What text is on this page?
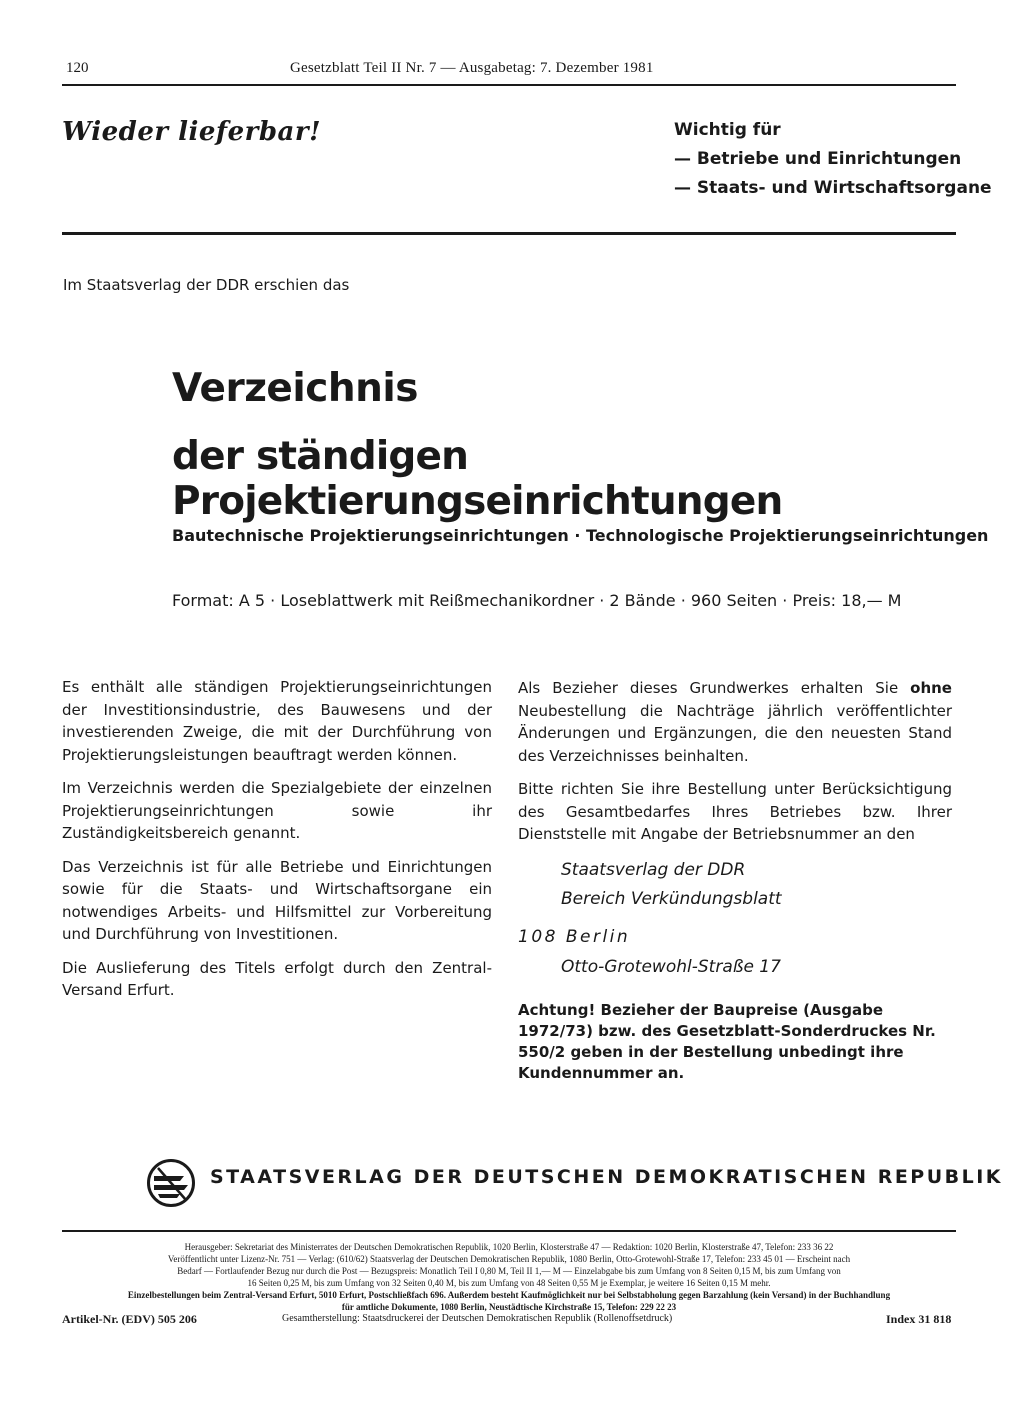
120	Gesetzblatt Teil II Nr. 7 — Ausgabetag: 7. Dezember 1981
Wieder lieferbar!	Wichtig für
— Betriebe und Einrichtungen
— Staats- und Wirtschaftsorgane
Im Staatsverlag der DDR erschien das
Verzeichnis
der ständigen Projektierungseinrichtungen
Bautechnische Projektierungseinrichtungen · Technologische Projektierungseinrichtungen
Format: A 5 · Loseblattwerk mit Reißmechanikordner · 2 Bände · 960 Seiten · Preis: 18,— M

Es enthält alle ständigen Projektierungseinrichtungen der Investitionsindustrie, des Bauwesens und der investierenden Zweige, die mit der Durchführung von Projektierungsleistungen beauftragt werden können.

Im Verzeichnis werden die Spezialgebiete der einzelnen Projektierungseinrichtungen sowie ihr Zuständigkeitsbereich genannt.

Das Verzeichnis ist für alle Betriebe und Einrichtungen sowie für die Staats- und Wirtschaftsorgane ein notwendiges Arbeits- und Hilfsmittel zur Vorbereitung und Durchführung von Investitionen.

Die Auslieferung des Titels erfolgt durch den Zentral-Versand Erfurt.

Als Bezieher dieses Grundwerkes erhalten Sie ohne Neubestellung die Nachträge jährlich veröffentlichter Änderungen und Ergänzungen, die den neuesten Stand des Verzeichnisses beinhalten.

Bitte richten Sie ihre Bestellung unter Berücksichtigung des Gesamtbedarfes Ihres Betriebes bzw. Ihrer Dienststelle mit Angabe der Betriebsnummer an den

Staatsverlag der DDR
Bereich Verkündungsblatt
108 Berlin
Otto-Grotewohl-Straße 17
Achtung! Bezieher der Baupreise (Ausgabe 1972/73) bzw. des Gesetzblatt-Sonderdruckes Nr. 550/2 geben in der Bestellung unbedingt ihre Kundennummer an.
STAATSVERLAG DER DEUTSCHEN DEMOKRATISCHEN REPUBLIK
Herausgeber: Sekretariat des Ministerrates der Deutschen Demokratischen Republik, 1020 Berlin, Klosterstraße 47 — Redaktion: 1020 Berlin, Klosterstraße 47, Telefon: 233 36 22
Veröffentlicht unter Lizenz-Nr. 751 — Verlag: (610/62) Staatsverlag der Deutschen Demokratischen Republik, 1080 Berlin, Otto-Grotewohl-Straße 17, Telefon: 233 45 01 — Erscheint nach
Bedarf — Fortlaufender Bezug nur durch die Post — Bezugspreis: Monatlich Teil I 0,80 M, Teil II 1,— M — Einzelabgabe bis zum Umfang von 8 Seiten 0,15 M, bis zum Umfang von
16 Seiten 0,25 M, bis zum Umfang von 32 Seiten 0,40 M, bis zum Umfang von 48 Seiten 0,55 M je Exemplar, je weitere 16 Seiten 0,15 M mehr.
Einzelbestellungen beim Zentral-Versand Erfurt, 5010 Erfurt, Postschließfach 696. Außerdem besteht Kaufmöglichkeit nur bei Selbstabholung gegen Barzahlung (kein Versand) in der Buchhandlung
für amtliche Dokumente, 1080 Berlin, Neustädtische Kirchstraße 15, Telefon: 229 22 23
Artikel-Nr. (EDV) 505 206	Gesamtherstellung: Staatsdruckerei der Deutschen Demokratischen Republik (Rollenoffsetdruck)	Index 31 818
